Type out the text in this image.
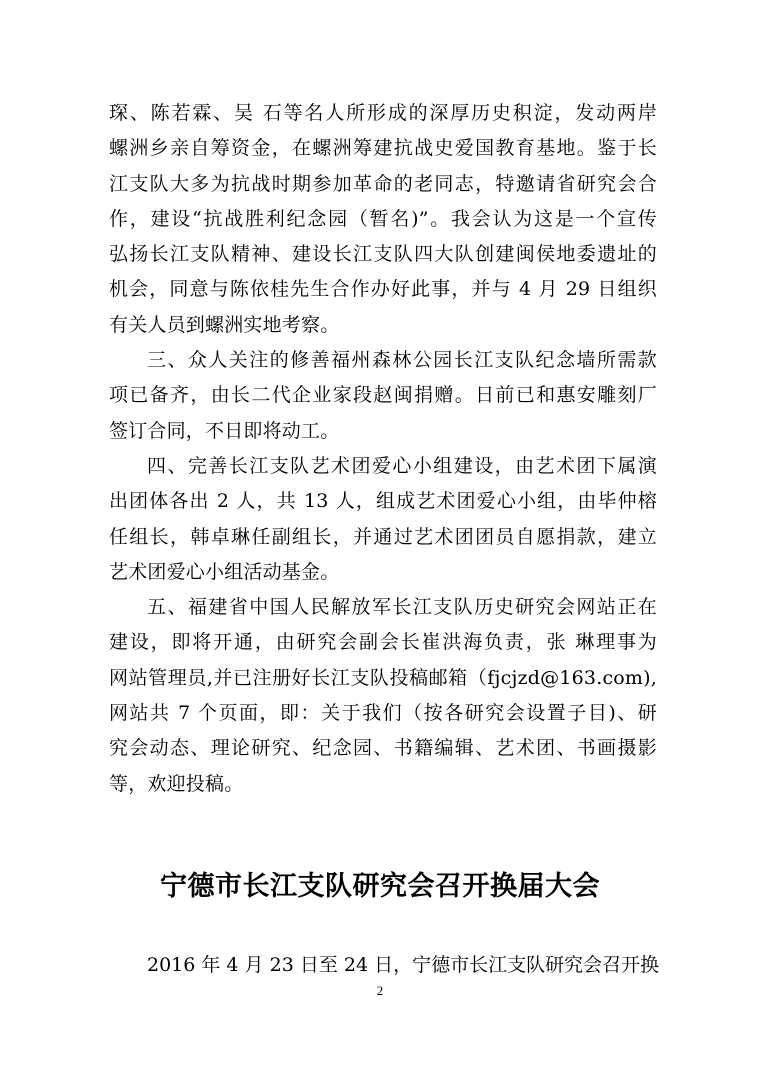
琛、陈若霖、吴 石等名人所形成的深厚历史积淀，发动两岸
螺洲乡亲自筹资金，在螺洲筹建抗战史爱国教育基地。鉴于长
江支队大多为抗战时期参加革命的老同志，特邀请省研究会合
作，建设“抗战胜利纪念园（暂名)”。我会认为这是一个宣传
弘扬长江支队精神、建设长江支队四大队创建闽侯地委遗址的
机会，同意与陈依桂先生合作办好此事，并与 4 月 29 日组织
有关人员到螺洲实地考察。
三、众人关注的修善福州森林公园长江支队纪念墙所需款
项已备齐，由长二代企业家段赵闽捐赠。日前已和惠安雕刻厂
签订合同，不日即将动工。
四、完善长江支队艺术团爱心小组建设，由艺术团下属演
出团体各出 2 人，共 13 人，组成艺术团爱心小组，由毕仲榕
任组长，韩卓琳任副组长，并通过艺术团团员自愿捐款，建立
艺术团爱心小组活动基金。
五、福建省中国人民解放军长江支队历史研究会网站正在
建设，即将开通，由研究会副会长崔洪海负责，张 琳理事为
网站管理员,并已注册好长江支队投稿邮箱（fjcjzd@163.com),
网站共 7 个页面，即：关于我们（按各研究会设置子目)、研
究会动态、理论研究、纪念园、书籍编辑、艺术团、书画摄影
等，欢迎投稿。
宁德市长江支队研究会召开换届大会
2016 年 4 月 23 日至 24 日，宁德市长江支队研究会召开换
2
